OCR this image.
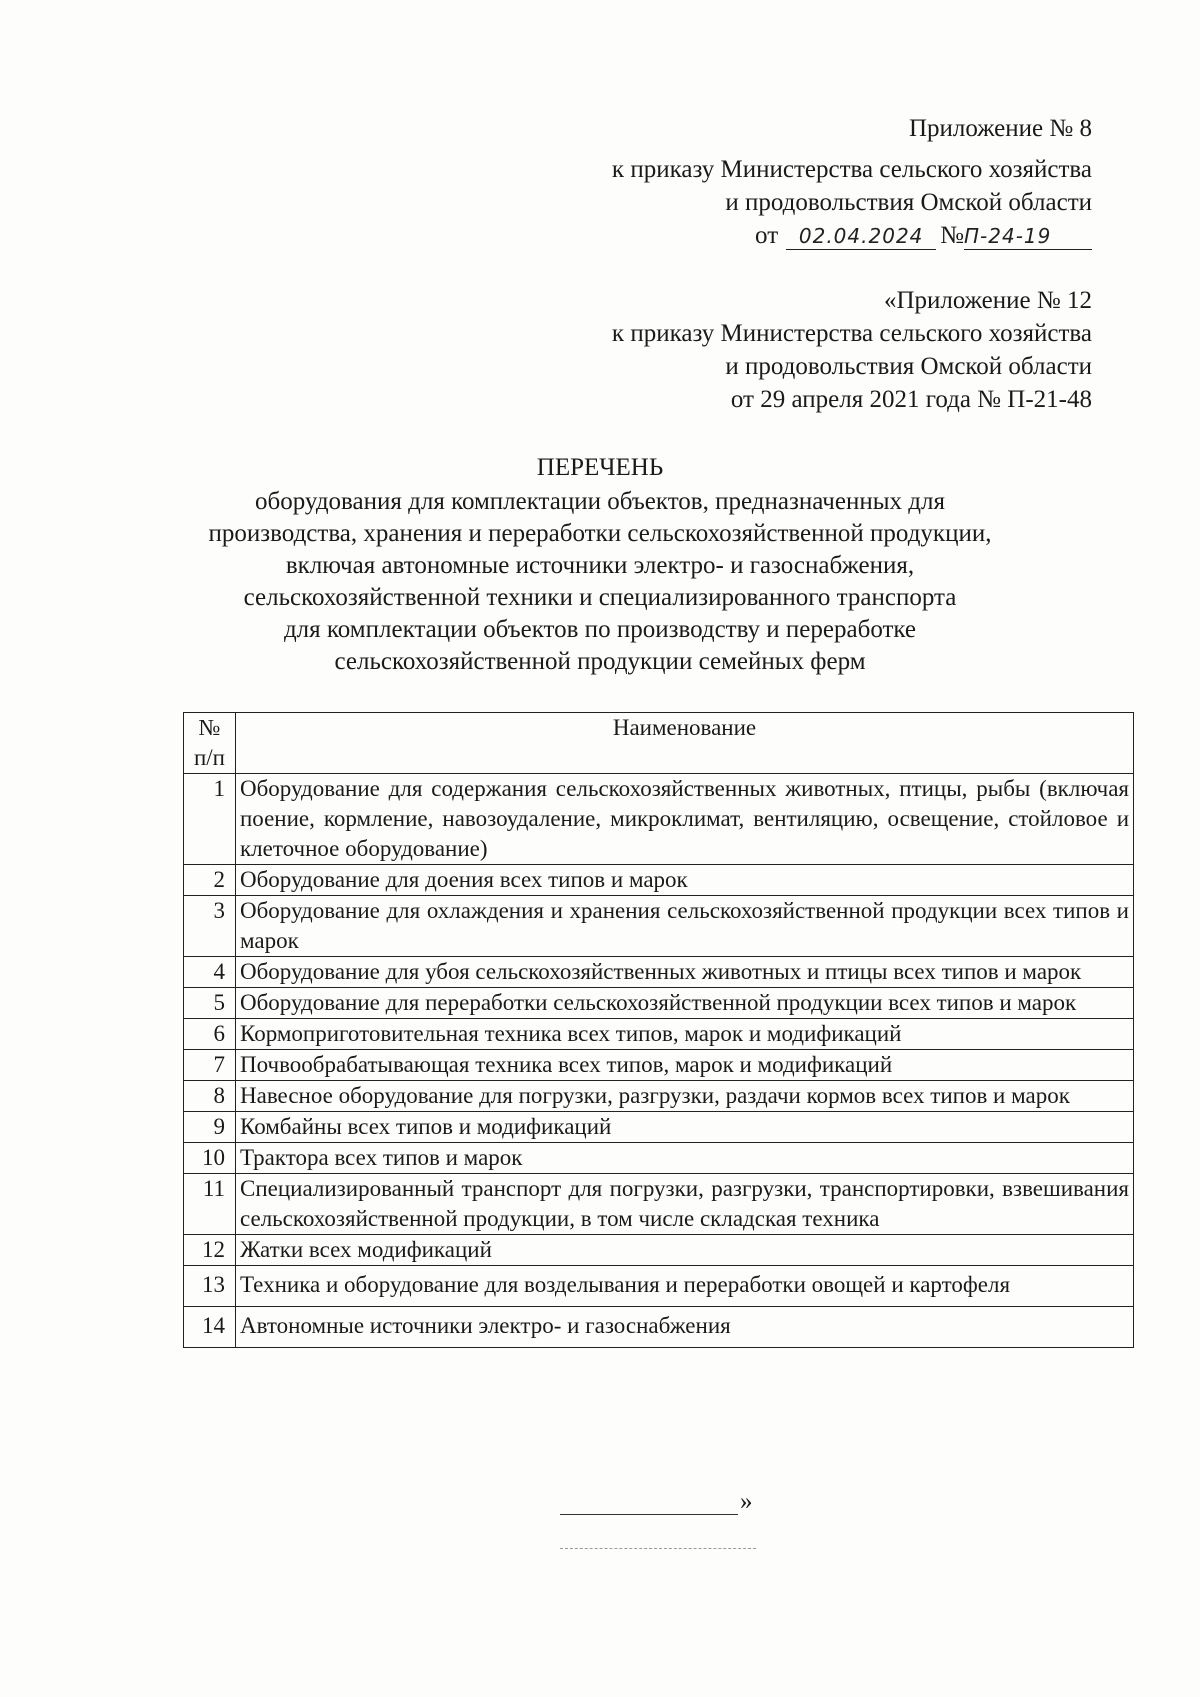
Приложение № 8
к приказу Министерства сельского хозяйства
и продовольствия Омской области
от 02.04.2024 №П-24-19
«Приложение № 12
к приказу Министерства сельского хозяйства
и продовольствия Омской области
от 29 апреля 2021 года № П-21-48
ПЕРЕЧЕНЬ
оборудования для комплектации объектов, предназначенных для
производства, хранения и переработки сельскохозяйственной продукции,
включая автономные источники электро- и газоснабжения,
сельскохозяйственной техники и специализированного транспорта
для комплектации объектов по производству и переработке
сельскохозяйственной продукции семейных ферм
№
п/п	Наименование
1	Оборудование для содержания сельскохозяйственных животных, птицы, рыбы (включая поение, кормление, навозоудаление, микроклимат, вентиляцию, освещение, стойловое и клеточное оборудование)
2	Оборудование для доения всех типов и марок
3	Оборудование для охлаждения и хранения сельскохозяйственной продукции всех типов и марок
4	Оборудование для убоя сельскохозяйственных животных и птицы всех типов и марок
5	Оборудование для переработки сельскохозяйственной продукции всех типов и марок
6	Кормоприготовительная техника всех типов, марок и модификаций
7	Почвообрабатывающая техника всех типов, марок и модификаций
8	Навесное оборудование для погрузки, разгрузки, раздачи кормов всех типов и марок
9	Комбайны всех типов и модификаций
10	Трактора всех типов и марок
11	Специализированный транспорт для погрузки, разгрузки, транспортировки, взвешивания сельскохозяйственной продукции, в том числе складская техника
12	Жатки всех модификаций
13	Техника и оборудование для возделывания и переработки овощей и картофеля
14	Автономные источники электро- и газоснабжения
»
